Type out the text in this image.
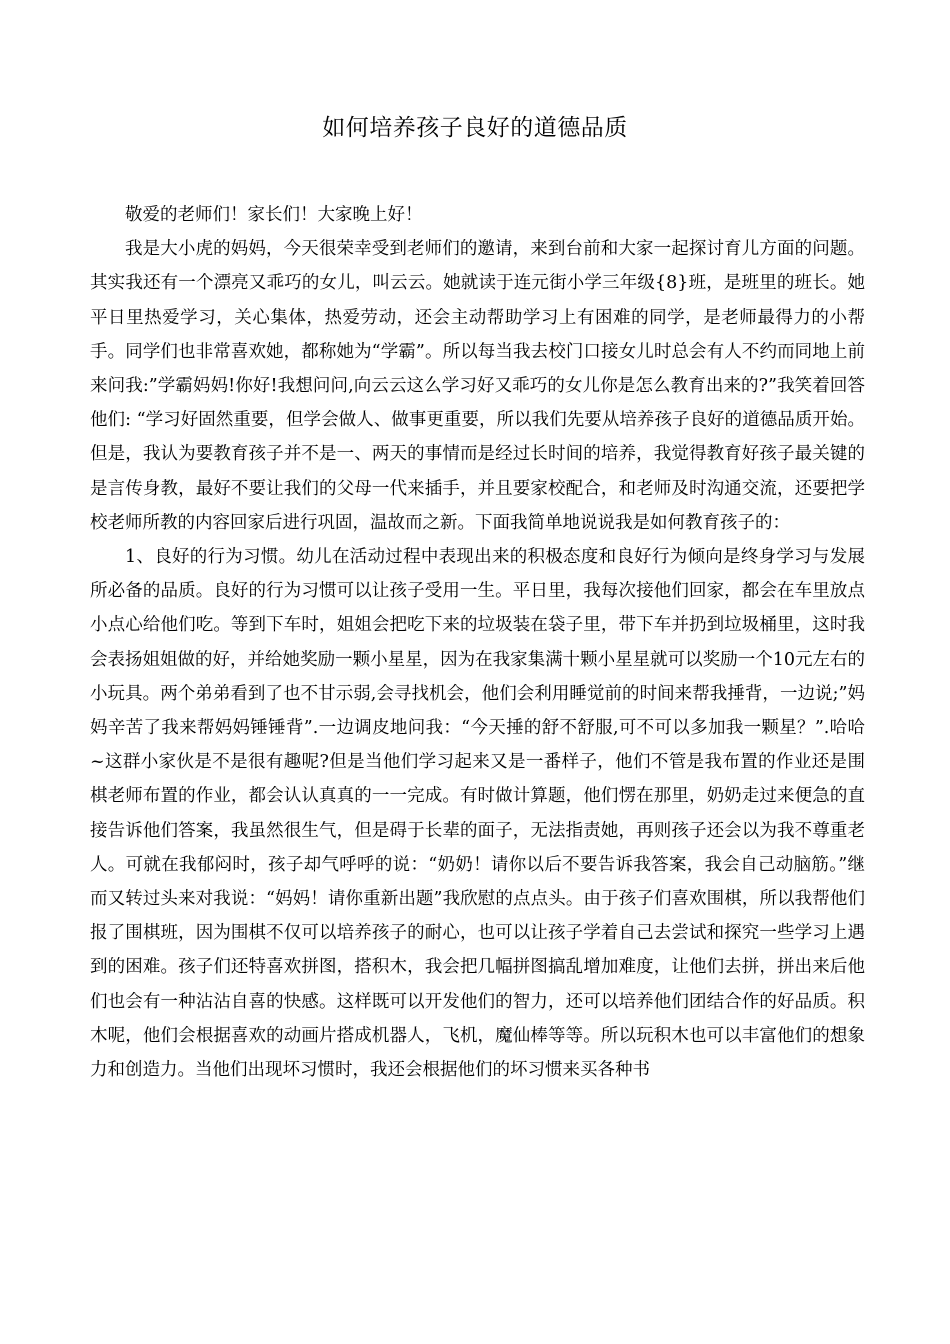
如何培养孩子良好的道德品质

敬爱的老师们！家长们！大家晚上好！

我是大小虎的妈妈，今天很荣幸受到老师们的邀请，来到台前和大家一起探讨育儿方面的问题。其实我还有一个漂亮又乖巧的女儿，叫云云。她就读于连元街小学三年级{8}班，是班里的班长。她平日里热爱学习，关心集体，热爱劳动，还会主动帮助学习上有困难的同学，是老师最得力的小帮手。同学们也非常喜欢她，都称她为“学霸”。所以每当我去校门口接女儿时总会有人不约而同地上前来问我:”学霸妈妈!你好!我想问问,向云云这么学习好又乖巧的女儿你是怎么教育出来的?”我笑着回答他们: “学习好固然重要，但学会做人、做事更重要，所以我们先要从培养孩子良好的道德品质开始。但是，我认为要教育孩子并不是一、两天的事情而是经过长时间的培养，我觉得教育好孩子最关键的是言传身教，最好不要让我们的父母一代来插手，并且要家校配合，和老师及时沟通交流，还要把学校老师所教的内容回家后进行巩固，温故而之新。下面我简单地说说我是如何教育孩子的：

1、良好的行为习惯。幼儿在活动过程中表现出来的积极态度和良好行为倾向是终身学习与发展所必备的品质。良好的行为习惯可以让孩子受用一生。平日里，我每次接他们回家，都会在车里放点小点心给他们吃。等到下车时，姐姐会把吃下来的垃圾装在袋子里，带下车并扔到垃圾桶里，这时我会表扬姐姐做的好，并给她奖励一颗小星星，因为在我家集满十颗小星星就可以奖励一个10元左右的小玩具。两个弟弟看到了也不甘示弱,会寻找机会，他们会利用睡觉前的时间来帮我捶背，一边说;”妈妈辛苦了我来帮妈妈锤锤背”.一边调皮地问我：“今天捶的舒不舒服,可不可以多加我一颗星？”.哈哈~这群小家伙是不是很有趣呢?但是当他们学习起来又是一番样子，他们不管是我布置的作业还是围棋老师布置的作业，都会认认真真的一一完成。有时做计算题，他们愣在那里，奶奶走过来便急的直接告诉他们答案，我虽然很生气，但是碍于长辈的面子，无法指责她，再则孩子还会以为我不尊重老人。可就在我郁闷时，孩子却气呼呼的说：“奶奶！请你以后不要告诉我答案，我会自己动脑筋。”继而又转过头来对我说：“妈妈！请你重新出题”我欣慰的点点头。由于孩子们喜欢围棋，所以我帮他们报了围棋班，因为围棋不仅可以培养孩子的耐心，也可以让孩子学着自己去尝试和探究一些学习上遇到的困难。孩子们还特喜欢拼图，搭积木，我会把几幅拼图搞乱增加难度，让他们去拼，拼出来后他们也会有一种沾沾自喜的快感。这样既可以开发他们的智力，还可以培养他们团结合作的好品质。积木呢，他们会根据喜欢的动画片搭成机器人，飞机，魔仙棒等等。所以玩积木也可以丰富他们的想象力和创造力。当他们出现坏习惯时，我还会根据他们的坏习惯来买各种书
